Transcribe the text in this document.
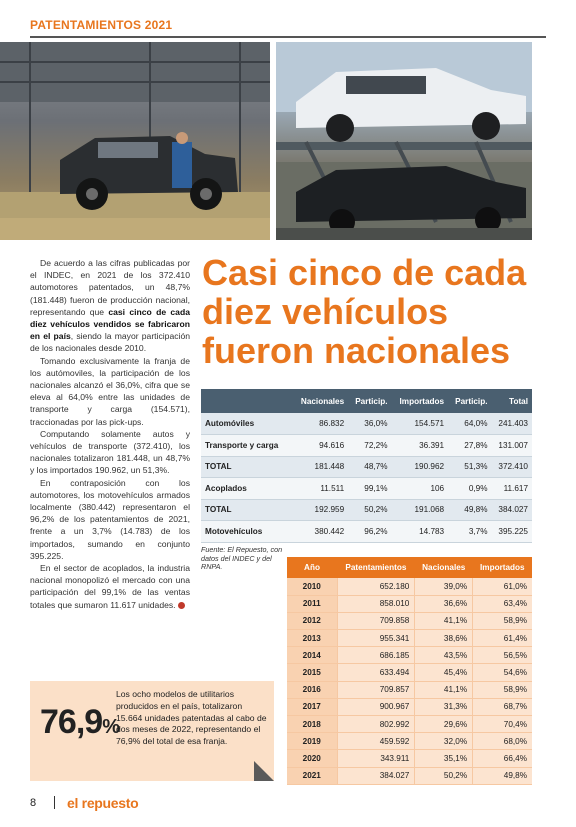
PATENTAMIENTOS 2021

De acuerdo a las cifras publicadas por el INDEC, en 2021 de los 372.410 automotores patentados, un 48,7% (181.448) fueron de producción nacional, representando que casi cinco de cada diez vehículos vendidos se fabricaron en el país, siendo la mayor participación de los nacionales desde 2010.

Tomando exclusivamente la franja de los autómoviles, la participación de los nacionales alcanzó el 36,0%, cifra que se eleva al 64,0% entre las unidades de transporte y carga (154.571), traccionadas por las pick-ups.

Computando solamente autos y vehículos de transporte (372.410), los nacionales totalizaron 181.448, un 48,7% y los importados 190.962, un 51,3%.

En contraposición con los automotores, los motovehículos armados localmente (380.442) representaron el 96,2% de los patentamientos de 2021, frente a un 3,7% (14.783) de los importados, sumando en conjunto 395.225.

En el sector de acoplados, la industria nacional monopolizó el mercado con una participación del 99,1% de las ventas totales que sumaron 11.617 unidades.

Casi cinco de cada diez vehículos fueron nacionales
	Nacionales	Particip.	Importados	Particip.	Total
Automóviles	86.832	36,0%	154.571	64,0%	241.403
Transporte y carga	94.616	72,2%	36.391	27,8%	131.007
TOTAL	181.448	48,7%	190.962	51,3%	372.410
Acoplados	11.511	99,1%	106	0,9%	11.617
TOTAL	192.959	50,2%	191.068	49,8%	384.027
Motovehículos	380.442	96,2%	14.783	3,7%	395.225
Fuente: El Repuesto, con datos del INDEC y del RNPA.	Año	Patentamientos	Nacionales	Importados
2010	652.180	39,0%	61,0%
2011	858.010	36,6%	63,4%
2012	709.858	41,1%	58,9%
2013	955.341	38,6%	61,4%
2014	686.185	43,5%	56,5%
2015	633.494	45,4%	54,6%
2016	709.857	41,1%	58,9%
2017	900.967	31,3%	68,7%
2018	802.992	29,6%	70,4%
2019	459.592	32,0%	68,0%
2020	343.911	35,1%	66,4%
2021	384.027	50,2%	49,8%
76,9%
Los ocho modelos de utilitarios producidos en el país, totalizaron 15.664 unidades patentadas al cabo de dos meses de 2022, representando el 76,9% del total de esa franja.
8 el repuesto
